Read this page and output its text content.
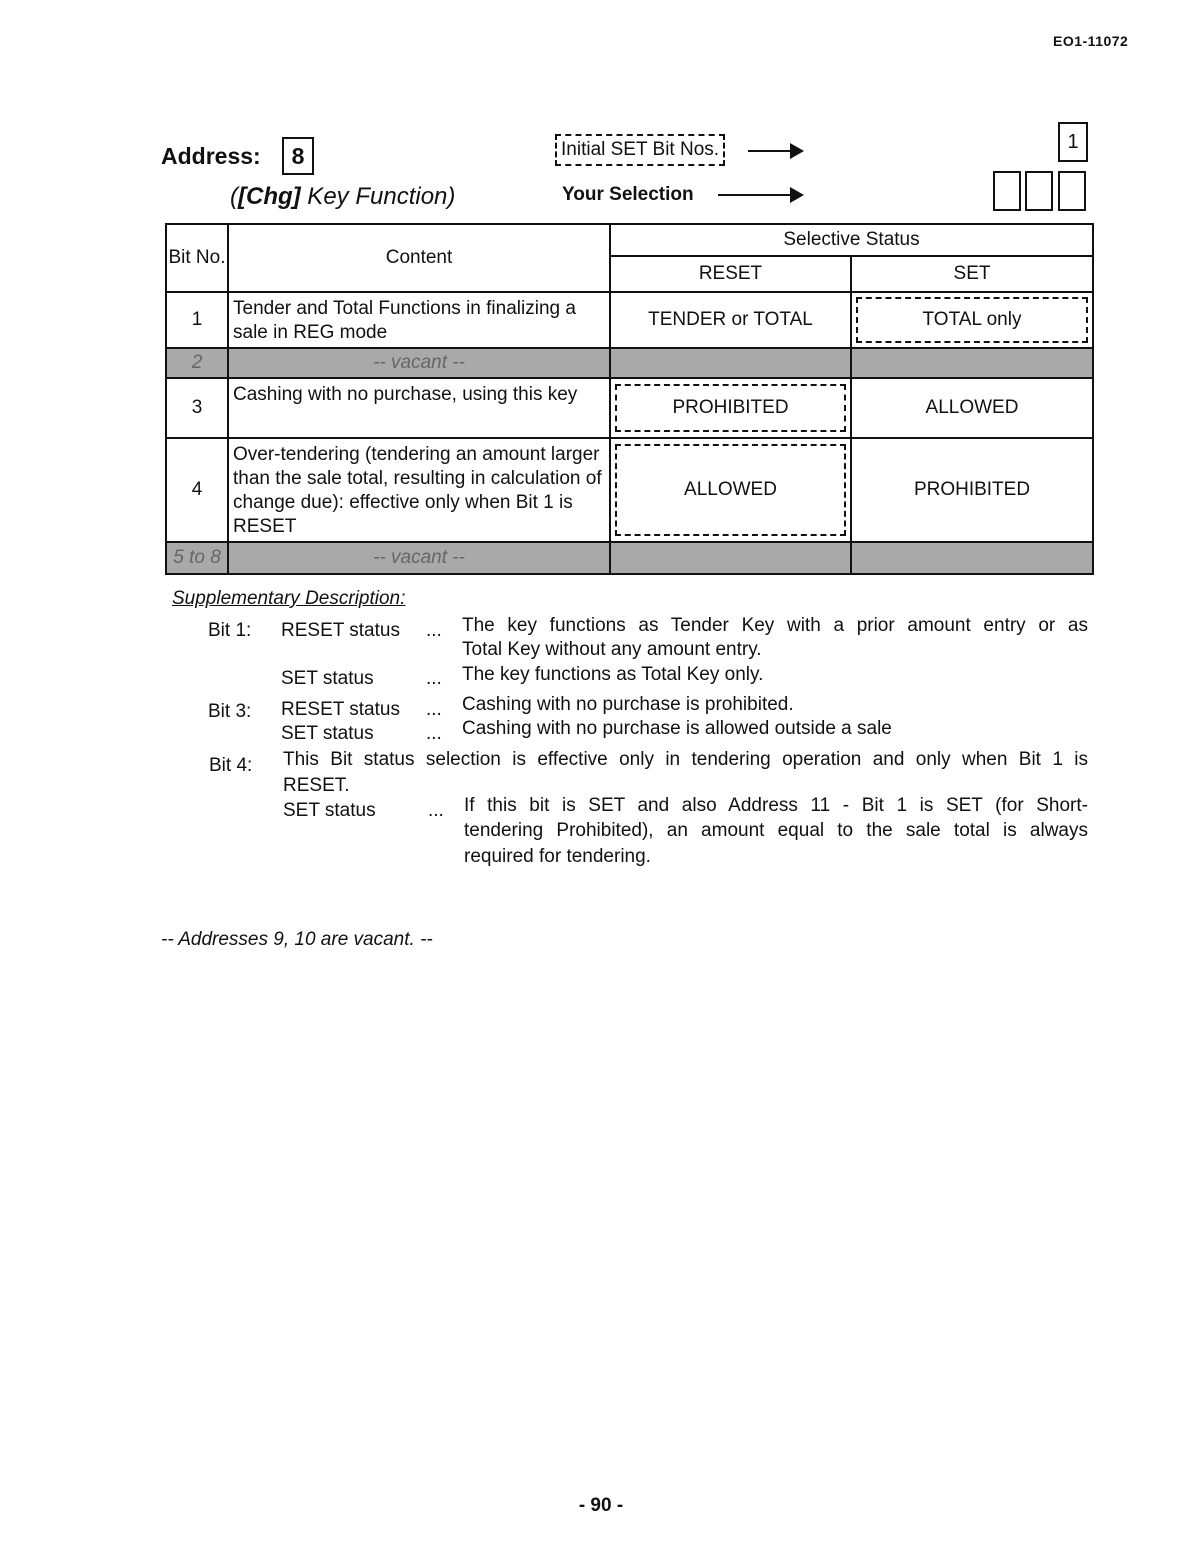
EO1-11072
Address:	8
([Chg] Key Function)
Initial SET Bit Nos.
Your Selection
1
Bit No.	Content	Selective Status	
		RESET	SET
1	Tender and Total Functions in finalizing a sale in REG mode	TENDER or TOTAL	TOTAL only

2	-- vacant --		
3	Cashing with no purchase, using this key	PROHIBITED	ALLOWED
4	Over-tendering (tendering an amount larger than the sale total, resulting in calculation of change due): effective only when Bit 1 is RESET	ALLOWED	PROHIBITED
5 to 8	-- vacant --		
Supplementary Description:
Bit 1: RESET status ... The key functions as Tender Key with a prior amount entry or as
Total Key without any amount entry.
SET status	... The key functions as Total Key only.
Bit 3: RESET status ... Cashing with no purchase is prohibited.
SET status	... Cashing with no purchase is allowed outside a sale
Bit 4: This Bit status selection is effective only in tendering operation and only when Bit 1 is
RESET.
SET status	... If this bit is SET and also Address 11 - Bit 1 is SET (for Short-
tendering Prohibited), an amount equal to the sale total is always
required for tendering.
-- Addresses 9, 10 are vacant. --
- 90 -
